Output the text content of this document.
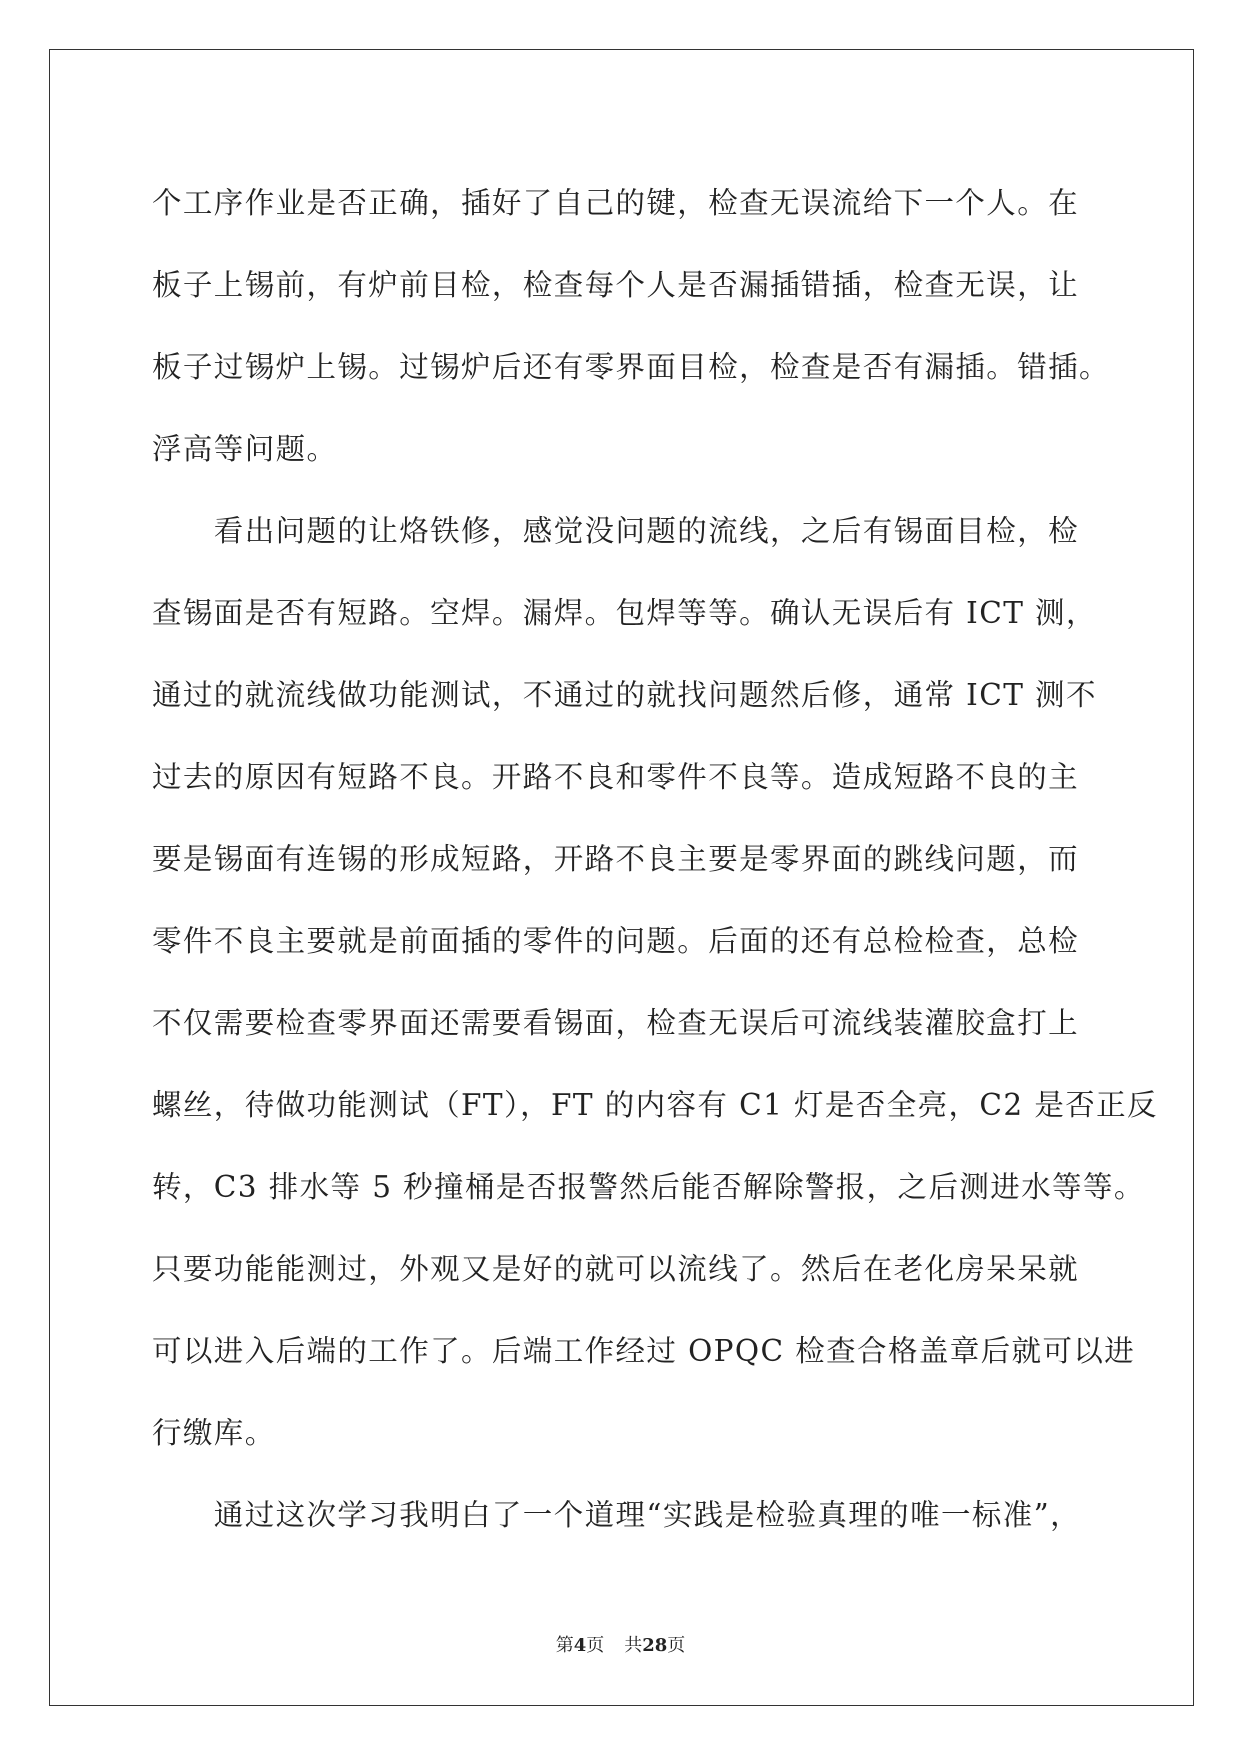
个工序作业是否正确，插好了自己的键，检查无误流给下一个人。在
板子上锡前，有炉前目检，检查每个人是否漏插错插，检查无误，让
板子过锡炉上锡。过锡炉后还有零界面目检，检查是否有漏插。错插。
浮高等问题。
　　看出问题的让烙铁修，感觉没问题的流线，之后有锡面目检，检
查锡面是否有短路。空焊。漏焊。包焊等等。确认无误后有 ICT 测，
通过的就流线做功能测试，不通过的就找问题然后修，通常 ICT 测不
过去的原因有短路不良。开路不良和零件不良等。造成短路不良的主
要是锡面有连锡的形成短路，开路不良主要是零界面的跳线问题，而
零件不良主要就是前面插的零件的问题。后面的还有总检检查，总检
不仅需要检查零界面还需要看锡面，检查无误后可流线装灌胶盒打上
螺丝，待做功能测试（FT），FT 的内容有 C1 灯是否全亮，C2 是否正反
转，C3 排水等 5 秒撞桶是否报警然后能否解除警报，之后测进水等等。
只要功能能测过，外观又是好的就可以流线了。然后在老化房呆呆就
可以进入后端的工作了。后端工作经过 OPQC 检查合格盖章后就可以进
行缴库。
　　通过这次学习我明白了一个道理“实践是检验真理的唯一标准”，
第4页 共28页
